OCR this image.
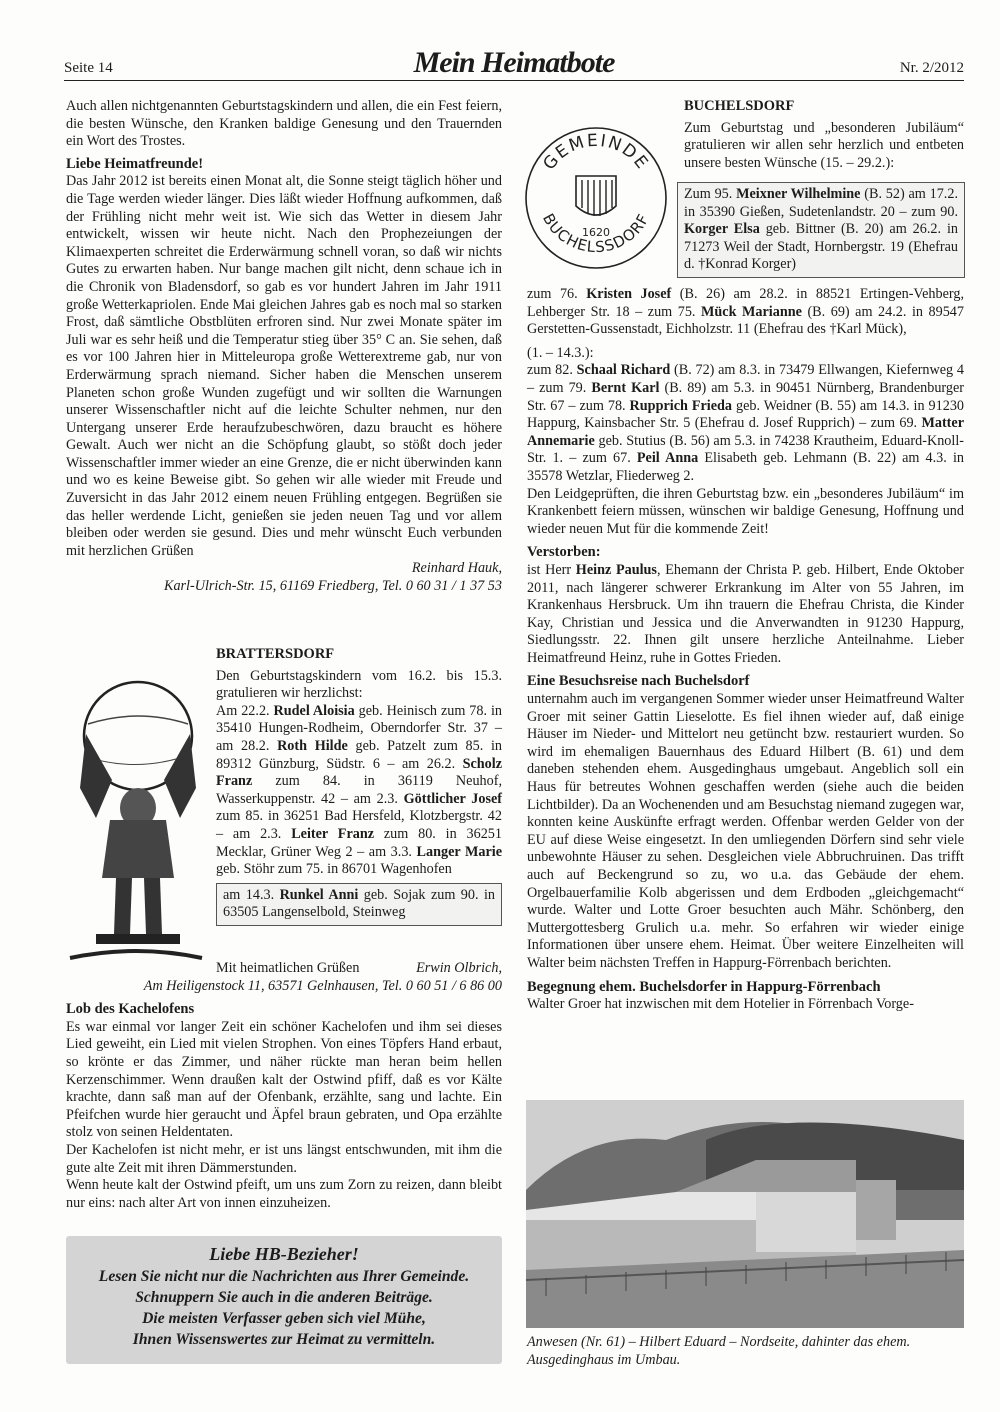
Seite 14	Mein Heimatbote	Nr. 2/2012

Auch allen nichtgenannten Geburtstagskindern und allen, die ein Fest feiern, die besten Wünsche, den Kranken baldige Genesung und den Trauernden ein Wort des Trostes.

Liebe Heimatfreunde!

Das Jahr 2012 ist bereits einen Monat alt, die Sonne steigt täglich höher und die Tage werden wieder länger. Dies läßt wieder Hoffnung aufkommen, daß der Frühling nicht mehr weit ist. Wie sich das Wetter in diesem Jahr entwickelt, wissen wir heute nicht. Nach den Prophezeiungen der Klimaexperten schreitet die Erderwärmung schnell voran, so daß wir nichts Gutes zu erwarten haben. Nur bange machen gilt nicht, denn schaue ich in die Chronik von Bladensdorf, so gab es vor hundert Jahren im Jahr 1911 große Wetterkapriolen. Ende Mai gleichen Jahres gab es noch mal so starken Frost, daß sämtliche Obstblüten erfroren sind. Nur zwei Monate später im Juli war es sehr heiß und die Temperatur stieg über 35° C an. Sie sehen, daß es vor 100 Jahren hier in Mitteleuropa große Wetterextreme gab, nur von Erderwärmung sprach niemand. Sicher haben die Menschen unserem Planeten schon große Wunden zugefügt und wir sollten die Warnungen unserer Wissenschaftler nicht auf die leichte Schulter nehmen, nur den Untergang unserer Erde heraufzubeschwören, dazu braucht es höhere Gewalt. Auch wer nicht an die Schöpfung glaubt, so stößt doch jeder Wissenschaftler immer wieder an eine Grenze, die er nicht überwinden kann und wo es keine Beweise gibt. So gehen wir alle wieder mit Freude und Zuversicht in das Jahr 2012 einem neuen Frühling entgegen. Begrüßen sie das heller werdende Licht, genießen sie jeden neuen Tag und vor allem bleiben oder werden sie gesund. Dies und mehr wünscht Euch verbunden mit herzlichen Grüßen

Reinhard Hauk,

Karl-Ulrich-Str. 15, 61169 Friedberg, Tel. 0 60 31 / 1 37 53

BRATTERSDORF

Den Geburtstagskindern vom 16.2. bis 15.3. gratulieren wir herzlichst:

Am 22.2. Rudel Aloisia geb. Heinisch zum 78. in 35410 Hungen-Rodheim, Oberndorfer Str. 37 – am 28.2. Roth Hilde geb. Patzelt zum 85. in 89312 Günzburg, Südstr. 6 – am 26.2. Scholz Franz zum 84. in 36119 Neuhof, Wasserkuppenstr. 42 – am 2.3. Göttlicher Josef zum 85. in 36251 Bad Hersfeld, Klotzbergstr. 42 – am 2.3. Leiter Franz zum 80. in 36251 Mecklar, Grüner Weg 2 – am 3.3. Langer Marie geb. Stöhr zum 75. in 86701 Wagenhofen

am 14.3. Runkel Anni geb. Sojak zum 90. in 63505 Langenselbold, Steinweg

Mit heimatlichen Grüßen	Erwin Olbrich,

Am Heiligenstock 11, 63571 Gelnhausen, Tel. 0 60 51 / 6 86 00

Lob des Kachelofens

Es war einmal vor langer Zeit ein schöner Kachelofen und ihm sei dieses Lied geweiht, ein Lied mit vielen Strophen. Von eines Töpfers Hand erbaut, so krönte er das Zimmer, und näher rückte man heran beim hellen Kerzenschimmer. Wenn draußen kalt der Ostwind pfiff, daß es vor Kälte krachte, dann saß man auf der Ofenbank, erzählte, sang und lachte. Ein Pfeifchen wurde hier geraucht und Äpfel braun gebraten, und Opa erzählte stolz von seinen Heldentaten.

Der Kachelofen ist nicht mehr, er ist uns längst entschwunden, mit ihm die gute alte Zeit mit ihren Dämmerstunden.

Wenn heute kalt der Ostwind pfeift, um uns zum Zorn zu reizen, dann bleibt nur eins: nach alter Art von innen einzuheizen.

Liebe HB-Bezieher!
Lesen Sie nicht nur die Nachrichten aus Ihrer Gemeinde.
Schnuppern Sie auch in die anderen Beiträge.
Die meisten Verfasser geben sich viel Mühe,
Ihnen Wissenswertes zur Heimat zu vermitteln.
GEMEINDE
BUCHELSSDORF
1620
BUCHELSDORF

Zum Geburtstag und „besonderen Jubiläum“ gratulieren wir allen sehr herzlich und entbeten unsere besten Wünsche (15. – 29.2.):

Zum 95. Meixner Wilhelmine (B. 52) am 17.2. in 35390 Gießen, Sudetenlandstr. 20 – zum 90. Korger Elsa geb. Bittner (B. 20) am 26.2. in 71273 Weil der Stadt, Hornbergstr. 19 (Ehefrau d. †Konrad Korger)

zum 76. Kristen Josef (B. 26) am 28.2. in 88521 Ertingen-Vehberg, Lehberger Str. 18 – zum 75. Mück Marianne (B. 69) am 24.2. in 89547 Gerstetten-Gussenstadt, Eichholzstr. 11 (Ehefrau des †Karl Mück),

(1. – 14.3.):

zum 82. Schaal Richard (B. 72) am 8.3. in 73479 Ellwangen, Kiefernweg 4 – zum 79. Bernt Karl (B. 89) am 5.3. in 90451 Nürnberg, Brandenburger Str. 67 – zum 78. Rupprich Frieda geb. Weidner (B. 55) am 14.3. in 91230 Happurg, Kainsbacher Str. 5 (Ehefrau d. Josef Rupprich) – zum 69. Matter Annemarie geb. Stutius (B. 56) am 5.3. in 74238 Krautheim, Eduard-Knoll-Str. 1. – zum 67. Peil Anna Elisabeth geb. Lehmann (B. 22) am 4.3. in 35578 Wetzlar, Fliederweg 2.

Den Leidgeprüften, die ihren Geburtstag bzw. ein „besonderes Jubiläum“ im Krankenbett feiern müssen, wünschen wir baldige Genesung, Hoffnung und wieder neuen Mut für die kommende Zeit!

Verstorben:

ist Herr Heinz Paulus, Ehemann der Christa P. geb. Hilbert, Ende Oktober 2011, nach längerer schwerer Erkrankung im Alter von 55 Jahren, im Krankenhaus Hersbruck. Um ihn trauern die Ehefrau Christa, die Kinder Kay, Christian und Jessica und die Anverwandten in 91230 Happurg, Siedlungsstr. 22. Ihnen gilt unsere herzliche Anteilnahme. Lieber Heimatfreund Heinz, ruhe in Gottes Frieden.

Eine Besuchsreise nach Buchelsdorf

unternahm auch im vergangenen Sommer wieder unser Heimatfreund Walter Groer mit seiner Gattin Lieselotte. Es fiel ihnen wieder auf, daß einige Häuser im Nieder- und Mittelort neu getüncht bzw. restauriert wurden. So wird im ehemaligen Bauernhaus des Eduard Hilbert (B. 61) und dem daneben stehenden ehem. Ausgedinghaus umgebaut. Angeblich soll ein Haus für betreutes Wohnen geschaffen werden (siehe auch die beiden Lichtbilder). Da an Wochenenden und am Besuchstag niemand zugegen war, konnten keine Auskünfte erfragt werden. Offenbar werden Gelder von der EU auf diese Weise eingesetzt. In den umliegenden Dörfern sind sehr viele unbewohnte Häuser zu sehen. Desgleichen viele Abbruchruinen. Das trifft auch auf Beckengrund so zu, wo u.a. das Gebäude der ehem. Orgelbauerfamilie Kolb abgerissen und dem Erdboden „gleichgemacht“ wurde. Walter und Lotte Groer besuchten auch Mähr. Schönberg, den Muttergottesberg Grulich u.a. mehr. So erfahren wir wieder einige Informationen über unsere ehem. Heimat. Über weitere Einzelheiten will Walter beim nächsten Treffen in Happurg-Förrenbach berichten.

Begegnung ehem. Buchelsdorfer in Happurg-Förrenbach

Walter Groer hat inzwischen mit dem Hotelier in Förrenbach Vorge-

Anwesen (Nr. 61) – Hilbert Eduard – Nordseite, dahinter das ehem. Ausgedinghaus im Umbau.
